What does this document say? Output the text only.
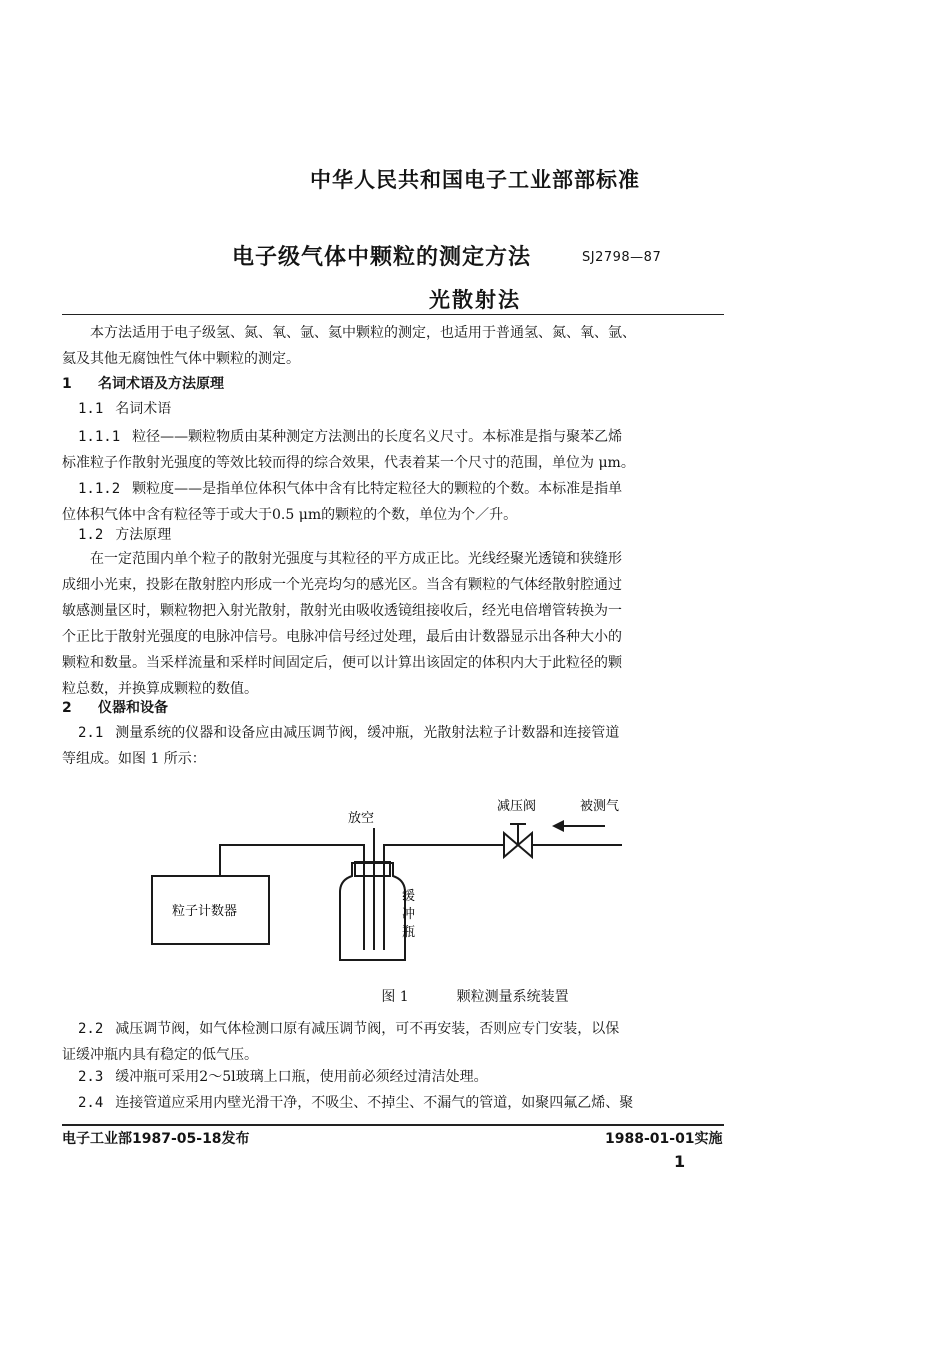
中华人民共和国电子工业部部标准
电子级气体中颗粒的测定方法	SJ2798—87
光散射法
本方法适用于电子级氢、氮、氧、氩、氦中颗粒的测定，也适用于普通氢、氮、氧、氩、
氦及其他无腐蚀性气体中颗粒的测定。
1 名词术语及方法原理
1.1 名词术语
1.1.1 粒径——颗粒物质由某种测定方法测出的长度名义尺寸。本标准是指与聚苯乙烯
标准粒子作散射光强度的等效比较而得的综合效果，代表着某一个尺寸的范围，单位为 μm。
1.1.2 颗粒度——是指单位体积气体中含有比特定粒径大的颗粒的个数。本标准是指单
位体积气体中含有粒径等于或大于0.5 μm的颗粒的个数，单位为个／升。
1.2 方法原理
在一定范围内单个粒子的散射光强度与其粒径的平方成正比。光线经聚光透镜和狭缝形
成细小光束，投影在散射腔内形成一个光亮均匀的感光区。当含有颗粒的气体经散射腔通过
敏感测量区时，颗粒物把入射光散射，散射光由吸收透镜组接收后，经光电倍增管转换为一
个正比于散射光强度的电脉冲信号。电脉冲信号经过处理，最后由计数器显示出各种大小的
颗粒和数量。当采样流量和采样时间固定后，便可以计算出该固定的体积内大于此粒径的颗
粒总数，并换算成颗粒的数值。
2 仪器和设备
2.1 测量系统的仪器和设备应由减压调节阀，缓冲瓶，光散射法粒子计数器和连接管道
等组成。如图 1 所示：
放空
减压阀	被测气
粒子计数器
缓
冲
瓶
图 1	颗粒测量系统装置
2.2 减压调节阀，如气体检测口原有减压调节阀，可不再安装，否则应专门安装，以保
证缓冲瓶内具有稳定的低气压。
2.3 缓冲瓶可采用2～5l玻璃上口瓶，使用前必须经过清洁处理。
2.4 连接管道应采用内壁光滑干净，不吸尘、不掉尘、不漏气的管道，如聚四氟乙烯、聚
电子工业部1987-05-18发布	1988-01-01实施
1
